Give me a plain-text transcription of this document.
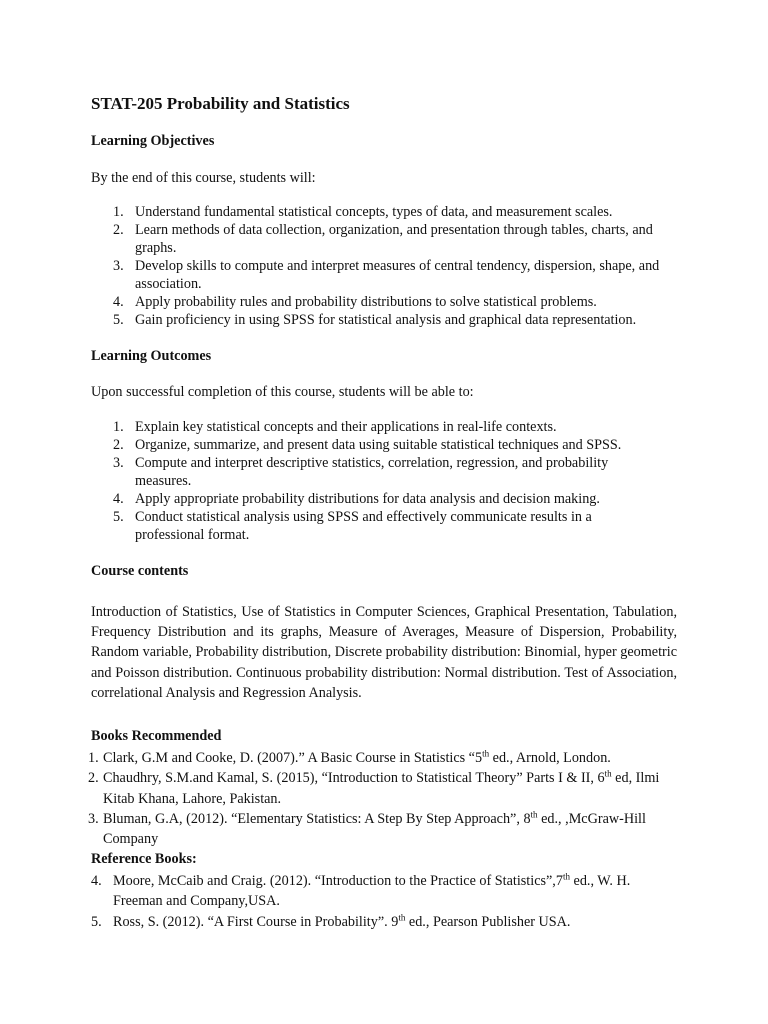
STAT-205 Probability and Statistics
Learning Objectives
By the end of this course, students will:
1. Understand fundamental statistical concepts, types of data, and measurement scales.
2. Learn methods of data collection, organization, and presentation through tables, charts, and graphs.
3. Develop skills to compute and interpret measures of central tendency, dispersion, shape, and association.
4. Apply probability rules and probability distributions to solve statistical problems.
5. Gain proficiency in using SPSS for statistical analysis and graphical data representation.
Learning Outcomes
Upon successful completion of this course, students will be able to:
1. Explain key statistical concepts and their applications in real-life contexts.
2. Organize, summarize, and present data using suitable statistical techniques and SPSS.
3. Compute and interpret descriptive statistics, correlation, regression, and probability measures.
4. Apply appropriate probability distributions for data analysis and decision making.
5. Conduct statistical analysis using SPSS and effectively communicate results in a professional format.
Course contents

Introduction of Statistics, Use of Statistics in Computer Sciences, Graphical Presentation, Tabulation, Frequency Distribution and its graphs, Measure of Averages, Measure of Dispersion, Probability, Random variable, Probability distribution, Discrete probability distribution: Binomial, hyper geometric and Poisson distribution. Continuous probability distribution: Normal distribution. Test of Association, correlational Analysis and Regression Analysis.

Books Recommended
1. Clark, G.M and Cooke, D. (2007).” A Basic Course in Statistics “5th ed., Arnold, London.
2. Chaudhry, S.M.and Kamal, S. (2015), “Introduction to Statistical Theory” Parts I & II, 6th ed, Ilmi Kitab Khana, Lahore, Pakistan.
3. Bluman, G.A, (2012). “Elementary Statistics: A Step By Step Approach”, 8th ed., ,McGraw-Hill Company
Reference Books:
4. Moore, McCaib and Craig. (2012). “Introduction to the Practice of Statistics”,7th ed., W. H. Freeman and Company,USA.
5. Ross, S. (2012). “A First Course in Probability”. 9th ed., Pearson Publisher USA.
